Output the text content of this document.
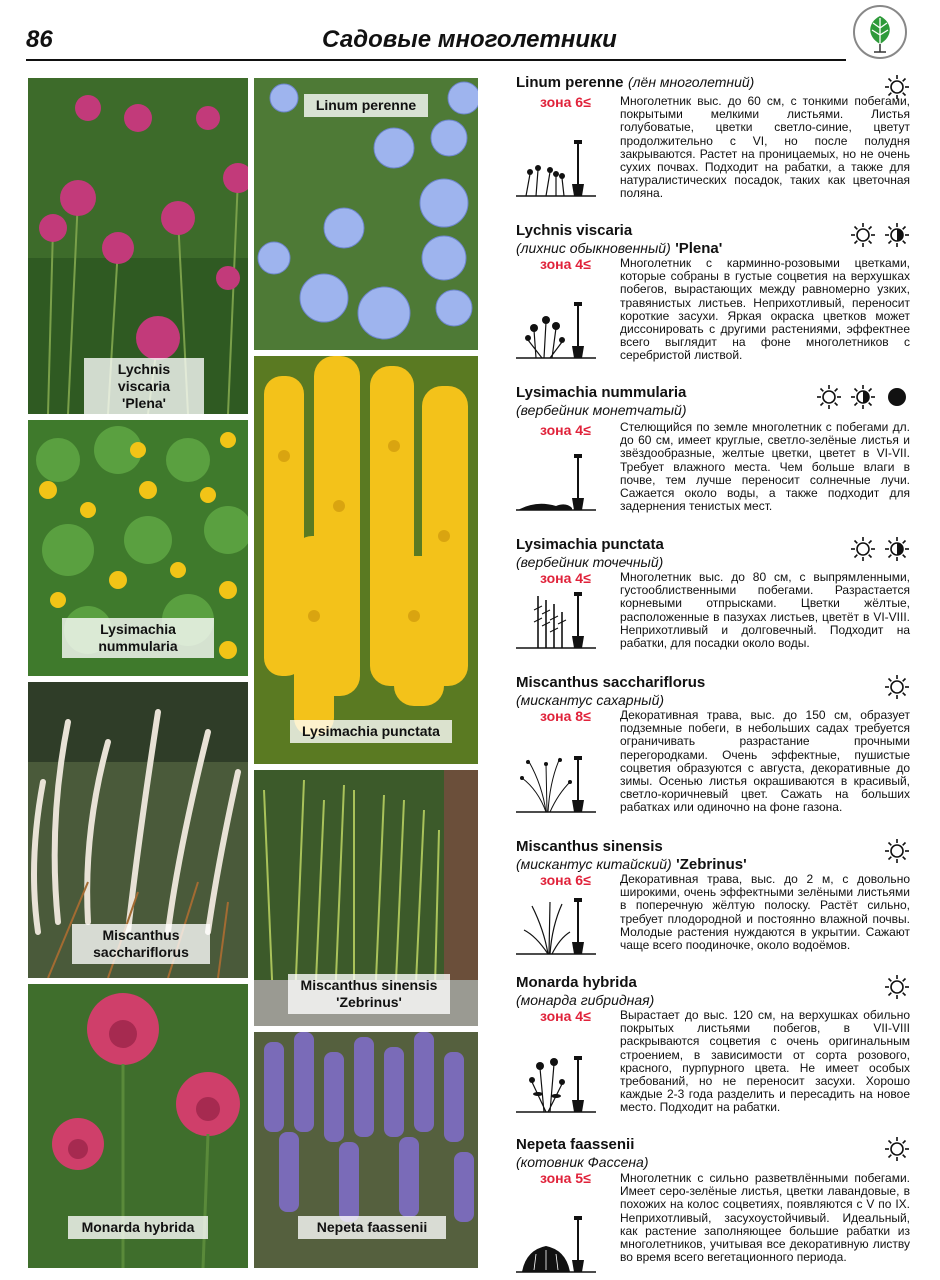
86	Садовые многолетники
Lychnis viscaria
'Plena'
Linum perenne
Lysimachia
nummularia
Lysimachia punctata
Miscanthus
sacchariflorus
Miscanthus sinensis
'Zebrinus'
Monarda hybrida	Nepeta faassenii
Linum perenne (лён многолетний)
зона 6≤ Многолетник выс. до 60 см, с тонкими побегами, покрытыми мелкими листьями. Листья голубоватые, цветки светло-синие, цветут продолжительно с VI, но после полудня закрываются. Растет на проницаемых, но не очень сухих почвах. Подходит на рабатки, а также для натуралистических посадок, таких как цветочная поляна.
Lychnis viscaria
(лихнис обыкновенный) 'Plena'
зона 4≤ Многолетник с карминно-розовыми цветками, которые собраны в густые соцветия на верхушках побегов, вырастающих между равномерно узких, травянистых листьев. Неприхотливый, переносит короткие засухи. Яркая окраска цветков может диссонировать с другими растениями, эффектнее всего выглядит на фоне многолетников с серебристой листвой.
Lysimachia nummularia
(вербейник монетчатый)
зона 4≤ Стелющийся по земле многолетник с побегами дл. до 60 см, имеет круглые, светло-зелёные листья и звёздообразные, желтые цветки, цветет в VI-VII. Требует влажного места. Чем больше влаги в почве, тем лучше переносит солнечные лучи. Сажается около воды, а также подходит для задернения тенистых мест.
Lysimachia punctata
(вербейник точечный)
зона 4≤ Многолетник выс. до 80 см, с выпрямленными, густооблиственными побегами. Разрастается корневыми отпрысками. Цветки жёлтые, расположенные в пазухах листьев, цветёт в VI-VIII. Неприхотливый и долговечный. Подходит на рабатки, для посадки около воды.
Miscanthus sacchariflorus
(мискантус сахарный)
зона 8≤ Декоративная трава, выс. до 150 см, образует подземные побеги, в небольших садах требуется ограничивать разрастание прочными перегородками. Очень эффектные, пушистые соцветия образуются с августа, декоративные до зимы. Осенью листья окрашиваются в красивый, светло-коричневый цвет. Сажать на больших рабатках или одиночно на фоне газона.
Miscanthus sinensis
(мискантус китайский) 'Zebrinus'
зона 6≤ Декоративная трава, выс. до 2 м, с довольно широкими, очень эффектными зелёными листьями в поперечную жёлтую полоску. Растёт сильно, требует плодородной и постоянно влажной почвы. Молодые растения нуждаются в укрытии. Сажают чаще всего поодиночке, около водоёмов.
Monarda hybrida
(монарда гибридная)
зона 4≤ Вырастает до выс. 120 см, на верхушках обильно покрытых листьями побегов, в VII-VIII раскрываются соцветия с очень оригинальным строением, в зависимости от сорта розового, красного, пурпурного цвета. Не имеет особых требований, но не переносит засухи. Хорошо каждые 2-3 года разделить и пересадить на новое место. Подходит на рабатки.
Nepeta faassenii
(котовник Фассена)
зона 5≤ Многолетник с сильно разветвлёнными побегами. Имеет серо-зелёные листья, цветки лавандовые, в похожих на колос соцветиях, появляются с V по IX. Неприхотливый, засухоустойчивый. Идеальный, как растение заполняющее большие рабатки из многолетников, учитывая все декоративную листву во время всего вегетационного периода.
